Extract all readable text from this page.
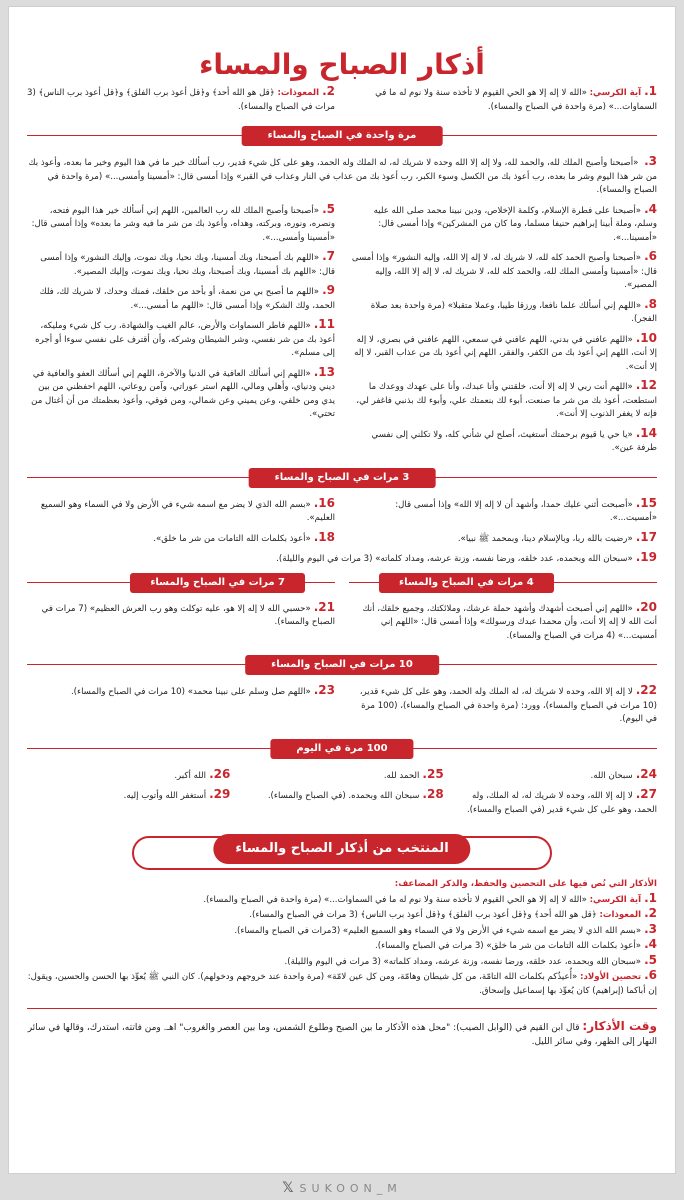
أذكار الصباح والمساء
1.آية الكرسي: «الله لا إله إلا هو الحي القيوم لا تأخذه سنة ولا نوم له ما في السماوات...» (مرة واحدة في الصباح والمساء).
2.المعوذات: ﴿قل هو الله أحد﴾ و﴿قل أعوذ برب الفلق﴾ و﴿قل أعوذ برب الناس﴾ (3 مرات في الصباح والمساء).
مرة واحدة في الصباح والمساء
3. «أصبحنا وأصبح الملك لله، والحمد لله، ولا إله إلا الله وحده لا شريك له، له الملك وله الحمد، وهو على كل شيء قدير، رب أسألك خير ما في هذا اليوم وخير ما بعده، وأعوذ بك من شر هذا اليوم وشر ما بعده، رب أعوذ بك من الكسل وسوء الكبر، رب أعوذ بك من عذاب في النار وعذاب في القبر» وإذا أمسى قال: «أمسينا وأمسى...» (مرة واحدة في الصباح والمساء).
4.«أصبحنا على فطرة الإسلام، وكلمة الإخلاص، ودين نبينا محمد صلى الله عليه وسلم، وملة أبينا إبراهيم حنيفا مسلما، وما كان من المشركين» وإذا أمسى قال: «أمسينا...».
6.«أصبحنا وأصبح الحمد كله لله، لا شريك له، لا إله إلا الله، وإليه النشور» وإذا أمسى قال: «أمسينا وأمسى الملك لله، والحمد كله لله، لا شريك له، لا إله إلا الله، وإليه المصير».
8.«اللهم إني أسألك علما نافعا، ورزقا طيبا، وعملا متقبلا» (مرة واحدة بعد صلاة الفجر).
10.«اللهم عافني في بدني، اللهم عافني في سمعي، اللهم عافني في بصري، لا إله إلا أنت، اللهم إني أعوذ بك من الكفر، والفقر، اللهم إني أعوذ بك من عذاب القبر، لا إله إلا أنت».
12.«اللهم أنت ربي لا إله إلا أنت، خلقتني وأنا عبدك، وأنا على عهدك ووعدك ما استطعت، أعوذ بك من شر ما صنعت، أبوء لك بنعمتك علي، وأبوء لك بذنبي فاغفر لي، فإنه لا يغفر الذنوب إلا أنت».
14.«يا حي يا قيوم برحمتك أستغيث، أصلح لي شأني كله، ولا تكلني إلى نفسي طرفة عين».
5.«أصبحنا وأصبح الملك لله رب العالمين، اللهم إني أسألك خير هذا اليوم فتحه، ونصره، ونوره، وبركته، وهداه، وأعوذ بك من شر ما فيه وشر ما بعده» وإذا أمسى قال: «أمسينا وأمسى...».
7.«اللهم بك أصبحنا، وبك أمسينا، وبك نحيا، وبك نموت، وإليك النشور» وإذا أمسى قال: «اللهم بك أمسينا، وبك أصبحنا، وبك نحيا، وبك نموت، وإليك المصير».
9.«اللهم ما أصبح بي من نعمة، أو بأحد من خلقك، فمنك وحدك، لا شريك لك، فلك الحمد، ولك الشكر» وإذا أمسى قال: «اللهم ما أمسى...».
11.«اللهم فاطر السماوات والأرض، عالم الغيب والشهادة، رب كل شيء ومليكه، أعوذ بك من شر نفسي، وشر الشيطان وشركه، وأن أقترف على نفسي سوءا أو أجره إلى مسلم».
13.«اللهم إني أسألك العافية في الدنيا والآخرة، اللهم إني أسألك العفو والعافية في ديني ودنياي، وأهلي ومالي، اللهم استر عوراتي، وآمن روعاتي، اللهم احفظني من بين يدي ومن خلفي، وعن يميني وعن شمالي، ومن فوقي، وأعوذ بعظمتك من أن أغتال من تحتي».
3 مرات في الصباح والمساء
15.«أصبحت أثني عليك حمدا، وأشهد أن لا إله إلا الله» وإذا أمسى قال: «أمسيت...».
17.«رضيت بالله ربا، وبالإسلام دينا، وبمحمد ﷺ نبيا».
16.«بسم الله الذي لا يضر مع اسمه شيء في الأرض ولا في السماء وهو السميع العليم».
18.«أعوذ بكلمات الله التامات من شر ما خلق».
19.«سبحان الله وبحمده، عدد خلقه، ورضا نفسه، وزنة عرشه، ومداد كلماته» (3 مرات في اليوم والليلة).
4 مرات في الصباح والمساء
7 مرات في الصباح والمساء
20.«اللهم إني أصبحت أشهدك وأشهد حملة عرشك، وملائكتك، وجميع خلقك، أنك أنت الله لا إله إلا أنت، وأن محمدا عبدك ورسولك» وإذا أمسى قال: «اللهم إني أمسيت...» (4 مرات في الصباح والمساء).
21.«حسبي الله لا إله إلا هو، عليه توكلت وهو رب العرش العظيم» (7 مرات في الصباح والمساء).
10 مرات في الصباح والمساء
22.لا إله إلا الله، وحده لا شريك له، له الملك وله الحمد، وهو على كل شيء قدير، (10 مرات في الصباح والمساء)، وورد: (مرة واحدة في الصباح والمساء)، (100 مرة في اليوم).
23.«اللهم صل وسلم على نبينا محمد» (10 مرات في الصباح والمساء).
100 مرة في اليوم
24.سبحان الله.
25.الحمد لله.
26.الله أكبر.
27.لا إله إلا الله، وحده لا شريك له، له الملك، وله الحمد، وهو على كل شيء قدير (في الصباح والمساء).
28.سبحان الله وبحمده. (في الصباح والمساء).
29.أستغفر الله وأتوب إليه.
المنتخب من أذكار الصباح والمساء
الأذكار التي نُص فيها على التحصين والحفظ، والذكر المضاعف:
1.آية الكرسي: «الله لا إله إلا هو الحي القيوم لا تأخذه سنة ولا نوم له ما في السماوات...» (مرة واحدة في الصباح والمساء).
2.المعوذات: ﴿قل هو الله أحد﴾ و﴿قل أعوذ برب الفلق﴾ و﴿قل أعوذ برب الناس﴾ (3 مرات في الصباح والمساء).
3.«بسم الله الذي لا يضر مع اسمه شيء في الأرض ولا في السماء وهو السميع العليم» (3مرات في الصباح والمساء).
4.«أعوذ بكلمات الله التامات من شر ما خلق» (3 مرات في الصباح والمساء).
5.«سبحان الله وبحمده، عدد خلقه، ورضا نفسه، وزنة عرشه، ومداد كلماته» (3 مرات في اليوم والليلة).
6.تحصين الأولاد: «أُعيذُكم بكلمات الله التامّة، من كل شيطان وهامّة، ومن كل عين لامّة» (مرة واحدة عند خروجهم ودخولهم). كان النبي ﷺ يُعوِّذ بها الحسن والحسين، ويقول: إن أباكما (إبراهيم) كان يُعوِّذ بها إسماعيل وإسحاق.
وقت الأذكار: قال ابن القيم في (الوابل الصيب): "محل هذه الأذكار ما بين الصبح وطلوع الشمس، وما بين العصر والغروب" اهـ. ومن فاتته، استدرك، وقالها في سائر النهار إلى الظهر، وفي سائر الليل.
𝕏 SUKOON_M
